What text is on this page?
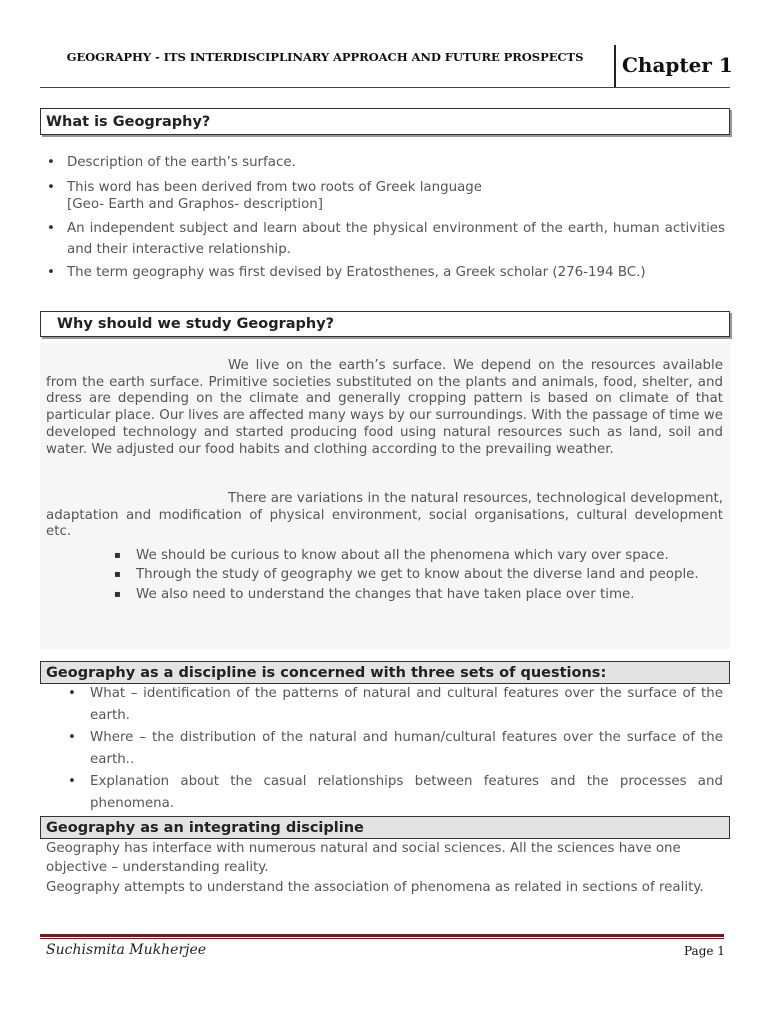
GEOGRAPHY - ITS INTERDISCIPLINARY APPROACH AND FUTURE PROSPECTS	Chapter 1
What is Geography?
• Description of the earth’s surface.
• This word has been derived from two roots of Greek language
[Geo- Earth and Graphos- description]
• An independent subject and learn about the physical environment of the earth, human activities and their interactive relationship.
• The term geography was first devised by Eratosthenes, a Greek scholar (276-194 BC.)
Why should we study Geography?
We live on the earth’s surface. We depend on the resources available from the earth surface. Primitive societies substituted on the plants and animals, food, shelter, and dress are depending on the climate and generally cropping pattern is based on climate of that particular place. Our lives are affected many ways by our surroundings. With the passage of time we developed technology and started producing food using natural resources such as land, soil and water. We adjusted our food habits and clothing according to the prevailing weather.
There are variations in the natural resources, technological development, adaptation and modification of physical environment, social organisations, cultural development etc.
▪ We should be curious to know about all the phenomena which vary over space.
▪ Through the study of geography we get to know about the diverse land and people.
▪ We also need to understand the changes that have taken place over time.
Geography as a discipline is concerned with three sets of questions:
• What – identification of the patterns of natural and cultural features over the surface of the earth.
• Where – the distribution of the natural and human/cultural features over the surface of the earth..
• Explanation about the casual relationships between features and the processes and phenomena.
Geography as an integrating discipline
Geography has interface with numerous natural and social sciences. All the sciences have one objective – understanding reality.
Geography attempts to understand the association of phenomena as related in sections of reality.
Suchismita Mukherjee	Page 1
